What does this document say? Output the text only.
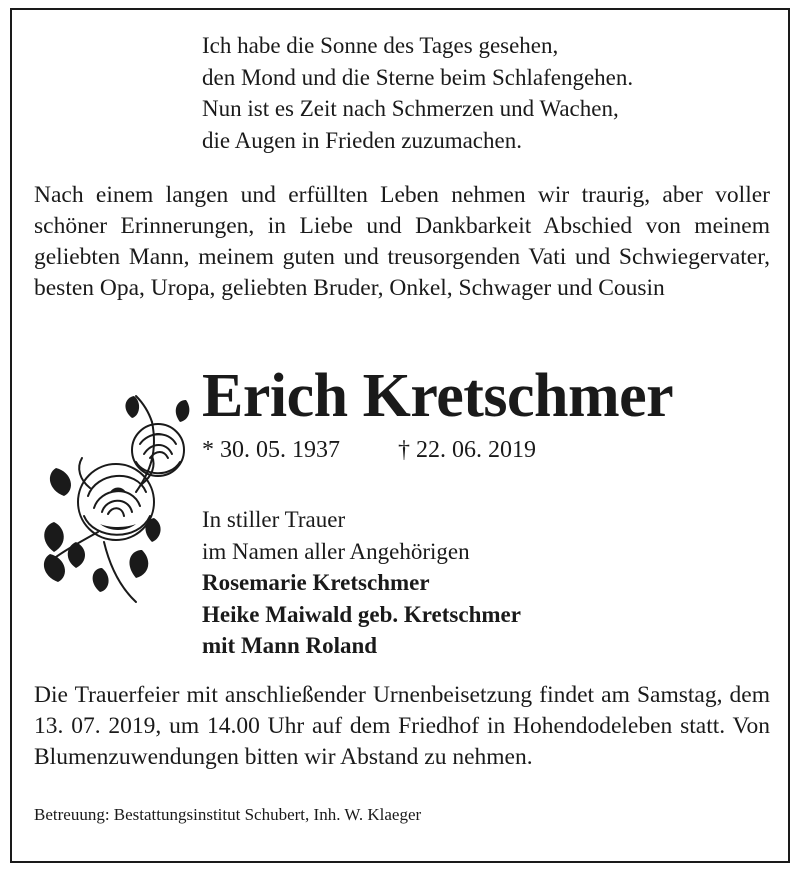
Ich habe die Sonne des Tages gesehen,
den Mond und die Sterne beim Schlafengehen.
Nun ist es Zeit nach Schmerzen und Wachen,
die Augen in Frieden zuzumachen.
Nach einem langen und erfüllten Leben nehmen wir traurig, aber voller schöner Erinnerungen, in Liebe und Dankbarkeit Abschied von meinem geliebten Mann, meinem guten und treusorgenden Vati und Schwiegervater, besten Opa, Uropa, geliebten Bruder, Onkel, Schwager und Cousin
Erich Kretschmer
* 30. 05. 1937 † 22. 06. 2019
In stiller Trauer
im Namen aller Angehörigen
Rosemarie Kretschmer
Heike Maiwald geb. Kretschmer
mit Mann Roland
Die Trauerfeier mit anschließender Urnenbeisetzung findet am Samstag, dem 13. 07. 2019, um 14.00 Uhr auf dem Friedhof in Hohendodeleben statt. Von Blumenzuwendungen bitten wir Abstand zu nehmen.
Betreuung: Bestattungsinstitut Schubert, Inh. W. Klaeger
